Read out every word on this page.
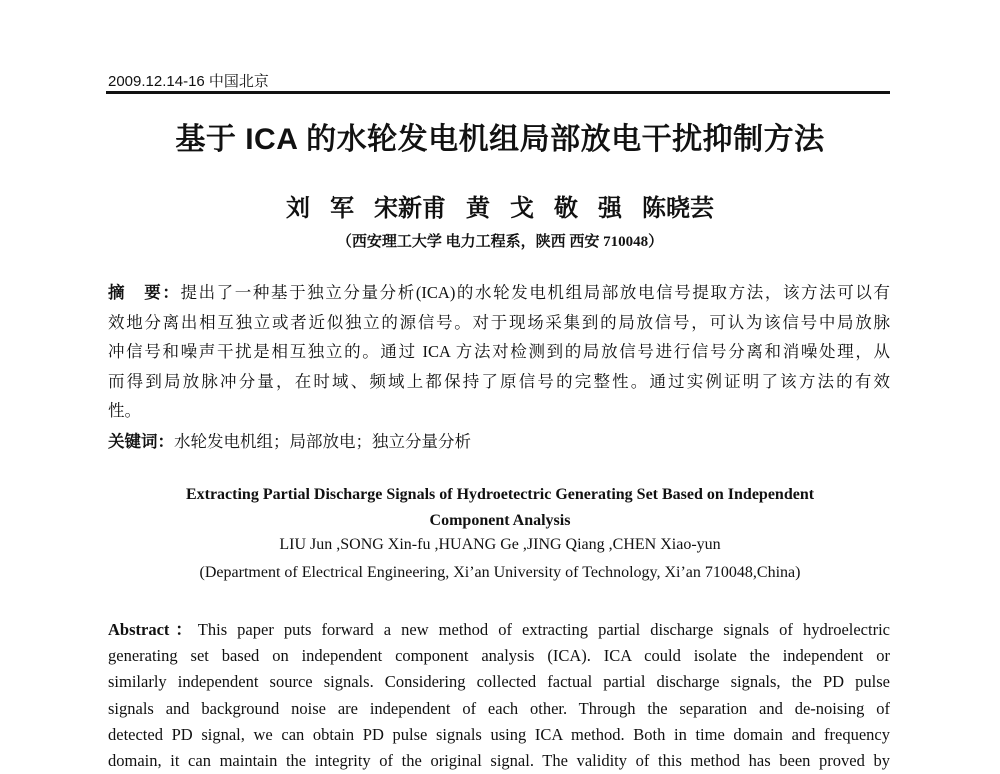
2009.12.14-16 中国北京
基于 ICA 的水轮发电机组局部放电干扰抑制方法
刘 军 宋新甫 黄 戈 敬 强 陈晓芸
（西安理工大学 电力工程系，陕西 西安 710048）
摘　要：提出了一种基于独立分量分析(ICA)的水轮发电机组局部放电信号提取方法，该方法可以有
效地分离出相互独立或者近似独立的源信号。对于现场采集到的局放信号，可认为该信号中局放脉
冲信号和噪声干扰是相互独立的。通过 ICA 方法对检测到的局放信号进行信号分离和消噪处理，从
而得到局放脉冲分量，在时域、频域上都保持了原信号的完整性。通过实例证明了该方法的有效
性。
关键词：水轮发电机组；局部放电；独立分量分析
Extracting Partial Discharge Signals of Hydroetectric Generating Set Based on Independent
Component Analysis
LIU Jun ,SONG Xin-fu ,HUANG Ge ,JING Qiang ,CHEN Xiao-yun
(Department of Electrical Engineering, Xi’an University of Technology, Xi’an 710048,China)
Abstract：This paper puts forward a new method of extracting partial discharge signals of hydroelectric
generating set based on independent component analysis (ICA). ICA could isolate the independent or
similarly independent source signals. Considering collected factual partial discharge signals, the PD pulse
signals and background noise are independent of each other. Through the separation and de-noising of
detected PD signal, we can obtain PD pulse signals using ICA method. Both in time domain and frequency
domain, it can maintain the integrity of the original signal. The validity of this method has been proved by
